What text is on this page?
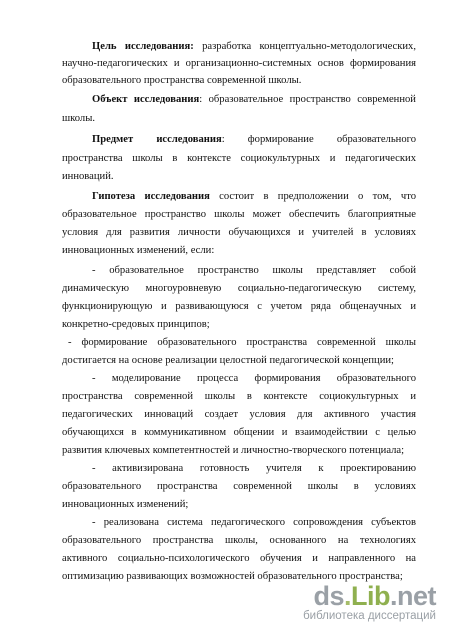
Цель исследования: разработка концептуально-методологических,

научно-педагогических и организационно-системных основ формирования

образовательного пространства современной школы.

Объект исследования: образовательное пространство современной

школы.

Предмет исследования: формирование образовательного

пространства школы в контексте социокультурных и педагогических

инноваций.

Гипотеза исследования состоит в предположении о том, что

образовательное пространство школы может обеспечить благоприятные

условия для развития личности обучающихся и учителей в условиях

инновационных изменений, если:

- образовательное пространство школы представляет собой

динамическую многоуровневую социально-педагогическую систему,

функционирующую и развивающуюся с учетом ряда общенаучных и

конкретно-средовых принципов;

- формирование образовательного пространства современной школы

достигается на основе реализации целостной педагогической концепции;

- моделирование процесса формирования образовательного

пространства современной школы в контексте социокультурных и

педагогических инноваций создает условия для активного участия

обучающихся в коммуникативном общении и взаимодействии с целью

развития ключевых компетентностей и личностно-творческого потенциала;

- активизирована готовность учителя к проектированию

образовательного пространства современной школы в условиях

инновационных изменений;

- реализована система педагогического сопровождения субъектов

образовательного пространства школы, основанного на технологиях

активного социально-психологического обучения и направленного на

оптимизацию развивающих возможностей образовательного пространства;

ds.Lib.net
библиотека диссертаций
